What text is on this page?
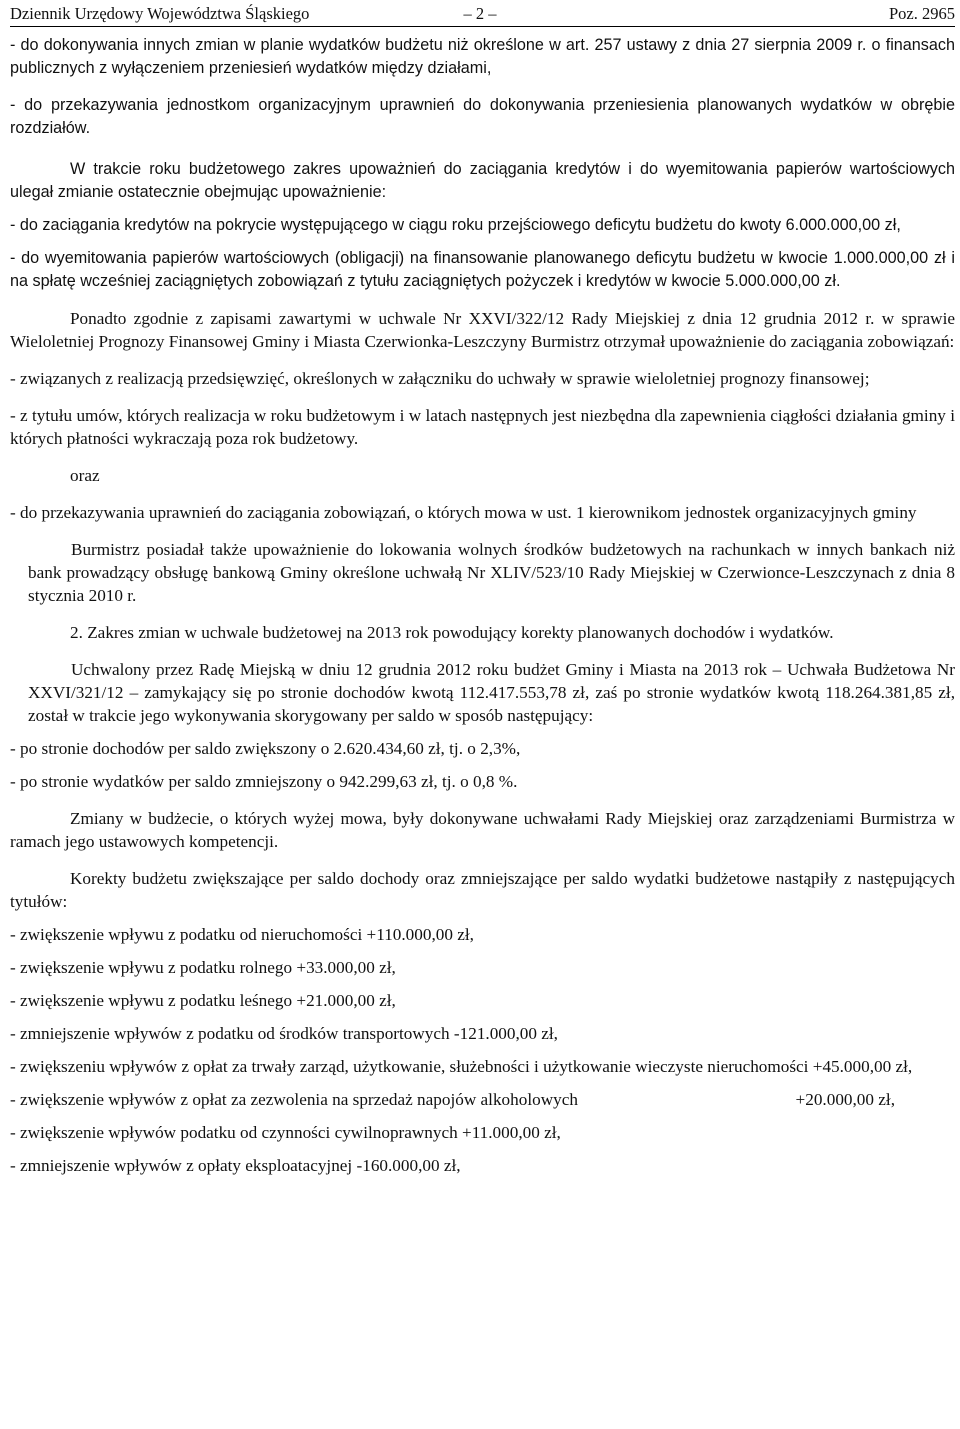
Dziennik Urzędowy Województwa Śląskiego	– 2 –	Poz. 2965

- do dokonywania innych zmian w planie wydatków budżetu niż określone w art. 257 ustawy z dnia 27 sierpnia 2009 r. o finansach publicznych z wyłączeniem przeniesień wydatków między działami,

- do przekazywania jednostkom organizacyjnym uprawnień do dokonywania przeniesienia planowanych wydatków w obrębie rozdziałów.

W trakcie roku budżetowego zakres upoważnień do zaciągania kredytów i do wyemitowania papierów wartościowych ulegał zmianie ostatecznie obejmując upoważnienie:

- do zaciągania kredytów na pokrycie występującego w ciągu roku przejściowego deficytu budżetu do kwoty 6.000.000,00 zł,

- do wyemitowania papierów wartościowych (obligacji) na finansowanie planowanego deficytu budżetu w kwocie 1.000.000,00 zł i na spłatę wcześniej zaciągniętych zobowiązań z tytułu zaciągniętych pożyczek i kredytów w kwocie 5.000.000,00 zł.

Ponadto zgodnie z zapisami zawartymi w uchwale Nr XXVI/322/12 Rady Miejskiej z dnia 12 grudnia 2012 r. w sprawie Wieloletniej Prognozy Finansowej Gminy i Miasta Czerwionka-Leszczyny Burmistrz otrzymał upoważnienie do zaciągania zobowiązań:

- związanych z realizacją przedsięwzięć, określonych w załączniku do uchwały w sprawie wieloletniej prognozy finansowej;

- z tytułu umów, których realizacja w roku budżetowym i w latach następnych jest niezbędna dla zapewnienia ciągłości działania gminy i których płatności wykraczają poza rok budżetowy.

oraz

- do przekazywania uprawnień do zaciągania zobowiązań, o których mowa w ust. 1 kierownikom jednostek organizacyjnych gminy

Burmistrz posiadał także upoważnienie do lokowania wolnych środków budżetowych na rachunkach w innych bankach niż bank prowadzący obsługę bankową Gminy określone uchwałą Nr XLIV/523/10 Rady Miejskiej w Czerwionce-Leszczynach z dnia 8 stycznia 2010 r.

2. Zakres zmian w uchwale budżetowej na 2013 rok powodujący korekty planowanych dochodów i wydatków.

Uchwalony przez Radę Miejską w dniu 12 grudnia 2012 roku budżet Gminy i Miasta na 2013 rok – Uchwała Budżetowa Nr XXVI/321/12 – zamykający się po stronie dochodów kwotą 112.417.553,78 zł, zaś po stronie wydatków kwotą 118.264.381,85 zł, został w trakcie jego wykonywania skorygowany per saldo w sposób następujący:

- po stronie dochodów per saldo zwiększony o 2.620.434,60 zł, tj. o 2,3%,

- po stronie wydatków per saldo zmniejszony o 942.299,63 zł, tj. o 0,8 %.

Zmiany w budżecie, o których wyżej mowa, były dokonywane uchwałami Rady Miejskiej oraz zarządzeniami Burmistrza w ramach jego ustawowych kompetencji.

Korekty budżetu zwiększające per saldo dochody oraz zmniejszające per saldo wydatki budżetowe nastąpiły z następujących tytułów:

- zwiększenie wpływu z podatku od nieruchomości +110.000,00 zł,

- zwiększenie wpływu z podatku rolnego +33.000,00 zł,

- zwiększenie wpływu z podatku leśnego +21.000,00 zł,

- zmniejszenie wpływów z podatku od środków transportowych -121.000,00 zł,

- zwiększeniu wpływów z opłat za trwały zarząd, użytkowanie, służebności i użytkowanie wieczyste nieruchomości +45.000,00 zł,

- zwiększenie wpływów z opłat za zezwolenia na sprzedaż napojów alkoholowych	+20.000,00 zł,

- zwiększenie wpływów podatku od czynności cywilnoprawnych +11.000,00 zł,

- zmniejszenie wpływów z opłaty eksploatacyjnej -160.000,00 zł,
